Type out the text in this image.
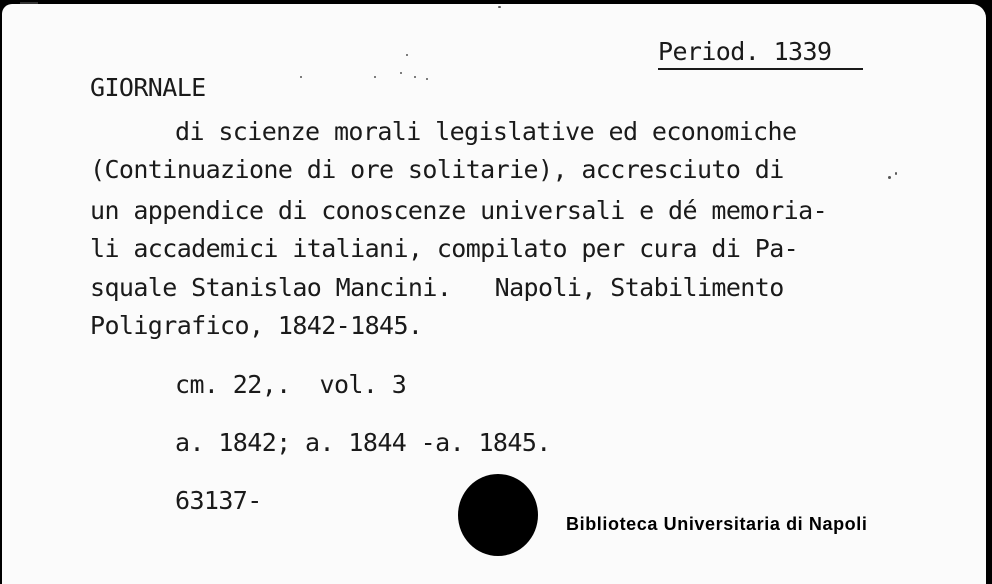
Period. 1339
GIORNALE
di scienze morali legislative ed economiche
(Continuazione di ore solitarie), accresciuto di
un appendice di conoscenze universali e dé memoria-
li accademici italiani, compilato per cura di Pa-
squale Stanislao Mancini.   Napoli, Stabilimento
Poligrafico, 1842-1845.
cm. 22,.  vol. 3
a. 1842; a. 1844 -a. 1845.
63137-
Biblioteca Universitaria di Napoli
